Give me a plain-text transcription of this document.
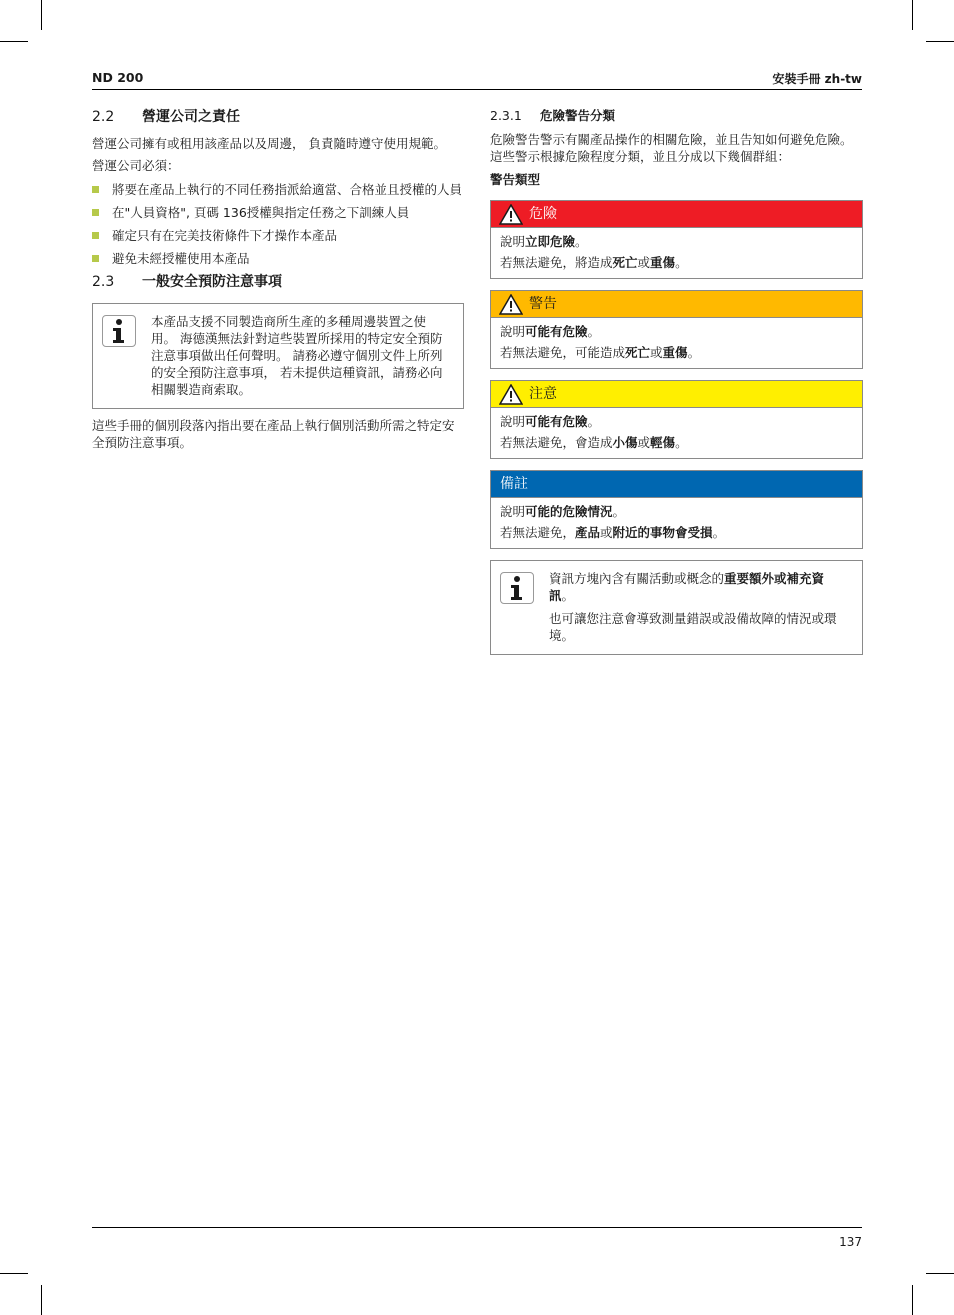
ND 200	安裝手冊 zh-tw
2.2	營運公司之責任

營運公司擁有或租用該產品以及周邊， 負責隨時遵守使用規範。

營運公司必須：

將要在產品上執行的不同任務指派給適當、合格並且授權的人員
在"人員資格", 頁碼 136授權與指定任務之下訓練人員
確定只有在完美技術條件下才操作本產品
避免未經授權使用本產品
2.3	一般安全預防注意事項
本產品支援不同製造商所生產的多種周邊裝置之使用。 海德漢無法針對這些裝置所採用的特定安全預防注意事項做出任何聲明。 請務必遵守個別文件上所列的安全預防注意事項， 若未提供這種資訊，請務必向相關製造商索取。

這些手冊的個別段落內指出要在產品上執行個別活動所需之特定安全預防注意事項。

2.3.1	危險警告分類

危險警告警示有關產品操作的相關危險，並且告知如何避免危險。 這些警示根據危險程度分類，並且分成以下幾個群組：

警告類型

危險
說明立即危險。
若無法避免，將造成死亡或重傷。
警告
說明可能有危險。
若無法避免，可能造成死亡或重傷。
注意
說明可能有危險。
若無法避免，會造成小傷或輕傷。
備註
說明可能的危險情況。
若無法避免，產品或附近的事物會受損。
資訊方塊內含有關活動或概念的重要額外或補充資訊。
也可讓您注意會導致測量錯誤或設備故障的情況或環境。
137
